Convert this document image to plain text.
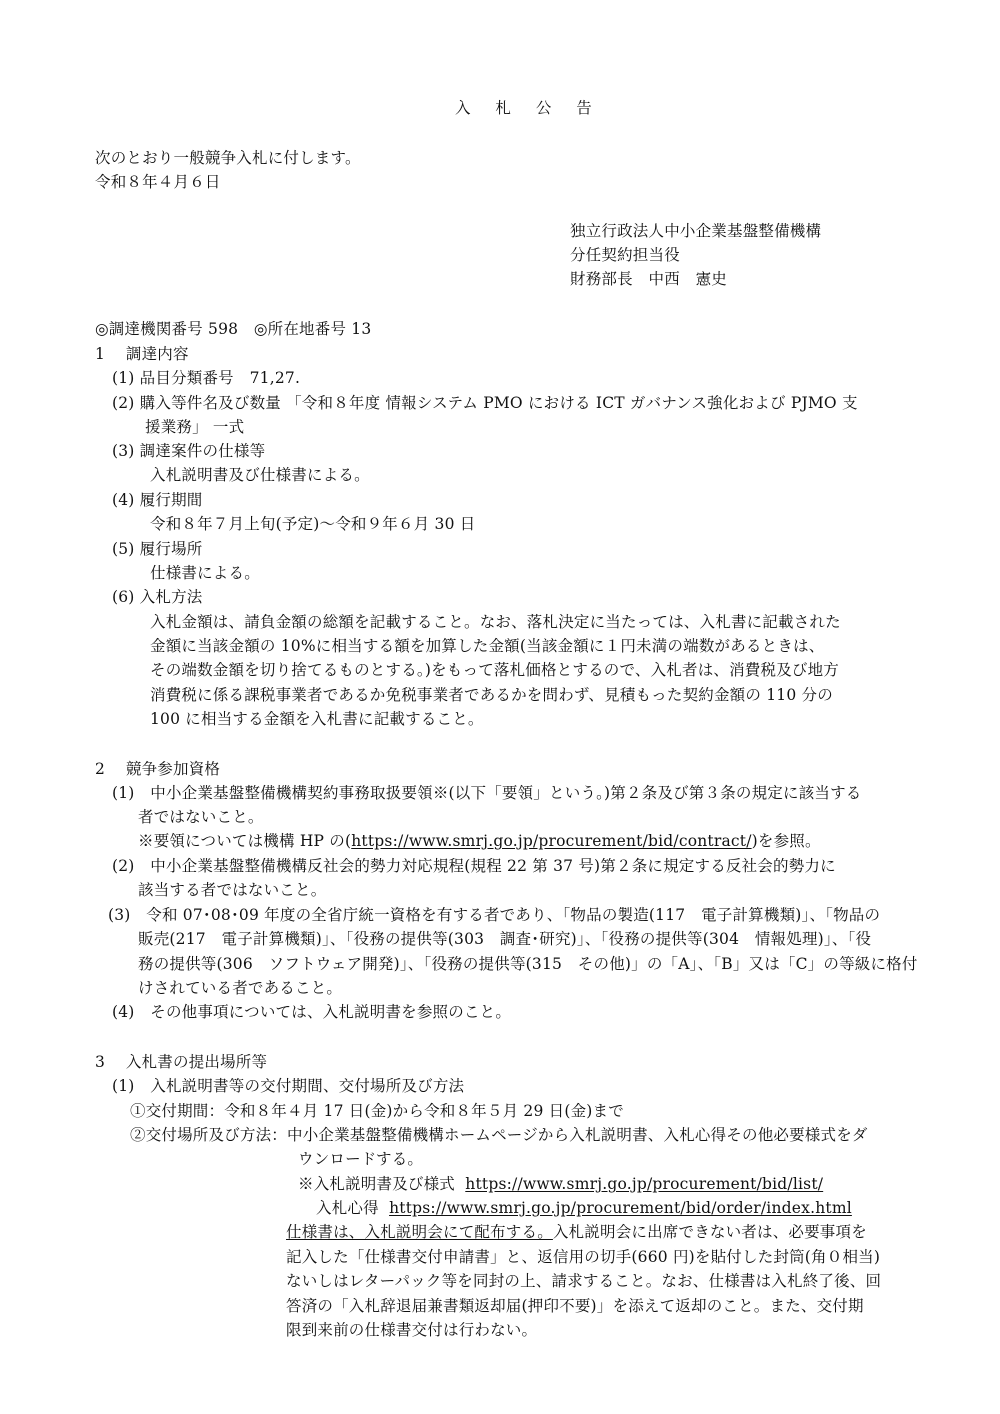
入 札 公 告
次のとおり一般競争入札に付します。
令和８年４月６日
独立行政法人中小企業基盤整備機構
分任契約担当役
財務部長　中西　憲史
◎調達機関番号 598　◎所在地番号 13
1　 調達内容
(1) 品目分類番号　71,27.
(2) 購入等件名及び数量 「令和８年度 情報システム PMO における ICT ガバナンス強化および PJMO 支
援業務」 一式
(3) 調達案件の仕様等
入札説明書及び仕様書による。
(4) 履行期間
令和８年７月上旬(予定)～令和９年６月 30 日
(5) 履行場所
仕様書による。
(6) 入札方法
入札金額は、請負金額の総額を記載すること。なお、落札決定に当たっては、入札書に記載された
金額に当該金額の 10%に相当する額を加算した金額(当該金額に１円未満の端数があるときは、
その端数金額を切り捨てるものとする。)をもって落札価格とするので、入札者は、消費税及び地方
消費税に係る課税事業者であるか免税事業者であるかを問わず、見積もった契約金額の 110 分の
100 に相当する金額を入札書に記載すること。
2　 競争参加資格
(1)　中小企業基盤整備機構契約事務取扱要領※(以下「要領」という。)第２条及び第３条の規定に該当する
者ではないこと。
※要領については機構 HP の(https://www.smrj.go.jp/procurement/bid/contract/)を参照。
(2)　中小企業基盤整備機構反社会的勢力対応規程(規程 22 第 37 号)第２条に規定する反社会的勢力に
該当する者ではないこと。
(3)　令和 07･08･09 年度の全省庁統一資格を有する者であり、「物品の製造(117　電子計算機類)」、「物品の
販売(217　電子計算機類)」、「役務の提供等(303　調査･研究)」、「役務の提供等(304　情報処理)」、「役
務の提供等(306　ソフトウェア開発)」、「役務の提供等(315　その他)」の「A」、「B」又は「C」の等級に格付
けされている者であること。
(4)　その他事項については、入札説明書を参照のこと。
3　 入札書の提出場所等
(1)　入札説明書等の交付期間、交付場所及び方法
①交付期間：令和８年４月 17 日(金)から令和８年５月 29 日(金)まで
②交付場所及び方法：中小企業基盤整備機構ホームページから入札説明書、入札心得その他必要様式をダ
ウンロードする。
※入札説明書及び様式 https://www.smrj.go.jp/procurement/bid/list/
入札心得 https://www.smrj.go.jp/procurement/bid/order/index.html
仕様書は、入札説明会にて配布する。入札説明会に出席できない者は、必要事項を
記入した「仕様書交付申請書」と、返信用の切手(660 円)を貼付した封筒(角０相当)
ないしはレターパック等を同封の上、請求すること。なお、仕様書は入札終了後、回
答済の「入札辞退届兼書類返却届(押印不要)」を添えて返却のこと。また、交付期
限到来前の仕様書交付は行わない。
